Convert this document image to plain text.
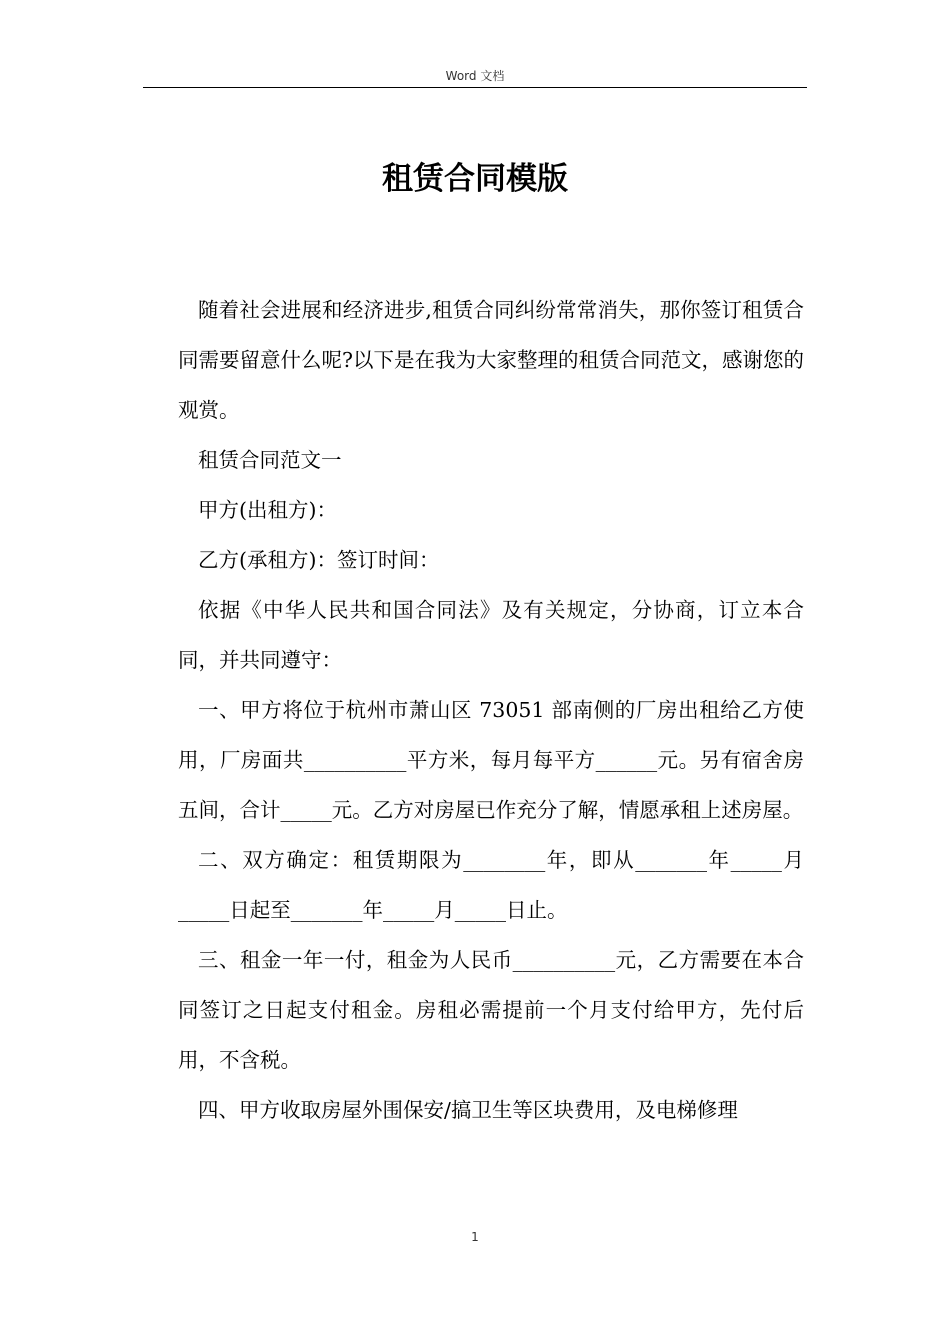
Word 文档
租赁合同模版

随着社会进展和经济进步,租赁合同纠纷常常消失，那你签订租赁合同需要留意什么呢?以下是在我为大家整理的租赁合同范文，感谢您的观赏。

租赁合同范文一

甲方(出租方)：

乙方(承租方)：签订时间：

依据《中华人民共和国合同法》及有关规定，分协商，订立本合同，并共同遵守：

一、甲方将位于杭州市萧山区 73051 部南侧的厂房出租给乙方使用，厂房面共__________平方米，每月每平方______元。另有宿舍房五间，合计_____元。乙方对房屋已作充分了解，情愿承租上述房屋。

二、双方确定：租赁期限为________年，即从_______年_____月_____日起至_______年_____月_____日止。

三、租金一年一付，租金为人民币__________元，乙方需要在本合同签订之日起支付租金。房租必需提前一个月支付给甲方，先付后用，不含税。

四、甲方收取房屋外围保安/搞卫生等区块费用，及电梯修理

1
